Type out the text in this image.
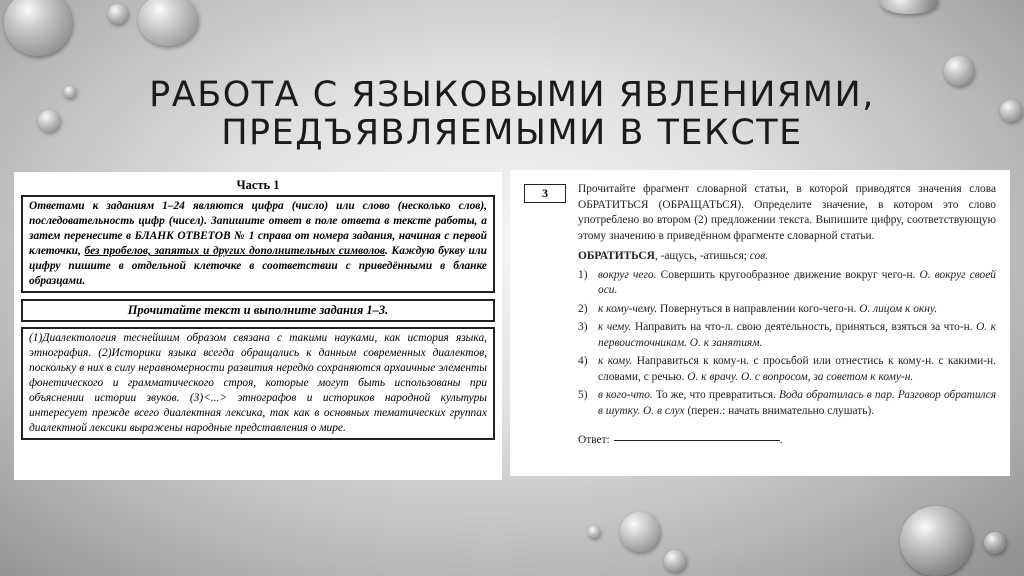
РАБОТА С ЯЗЫКОВЫМИ ЯВЛЕНИЯМИ,
ПРЕДЪЯВЛЯЕМЫМИ В ТЕКСТЕ
Часть 1
Ответами к заданиям 1–24 являются цифра (число) или слово (несколько слов), последовательность цифр (чисел). Запишите ответ в поле ответа в тексте работы, а затем перенесите в БЛАНК ОТВЕТОВ № 1 справа от номера задания, начиная с первой клеточки, без пробелов, запятых и других дополнительных символов. Каждую букву или цифру пишите в отдельной клеточке в соответствии с приведёнными в бланке образцами.
Прочитайте текст и выполните задания 1–3.
(1)Диалектология теснейшим образом связана с такими науками, как история языка, этнография. (2)Историки языка всегда обращались к данным современных диалектов, поскольку в них в силу неравномерности развития нередко сохраняются архаичные элементы фонетического и грамматического строя, которые могут быть использованы при объяснении истории звуков. (3)<...> этнографов и историков народной культуры интересует прежде всего диалектная лексика, так как в основных тематических группах диалектной лексики выражены народные представления о мире.
3	Прочитайте фрагмент словарной статьи, в которой приводятся значения слова ОБРАТИТЬСЯ (ОБРАЩАТЬСЯ). Определите значение, в котором это слово употреблено во втором (2) предложении текста. Выпишите цифру, соответствующую этому значению в приведённом фрагменте словарной статьи.

ОБРАТИТЬСЯ, -ащусь, -атишься; сов.

1) вокруг чего. Совершить кругообразное движение вокруг чего-н. О. вокруг своей оси.
2) к кому-чему. Повернуться в направлении кого-чего-н. О. лицом к окну.
3) к чему. Направить на что-л. свою деятельность, приняться, взяться за что-н. О. к первоисточникам. О. к занятиям.
4) к кому. Направиться к кому-н. с просьбой или отнестись к кому-н. с какими-н. словами, с речью. О. к врачу. О. с вопросом, за советом к кому-н.
5) в кого-что. То же, что превратиться. Вода обратилась в пар. Разговор обратился в шутку. О. в слух (перен.: начать внимательно слушать).

Ответ:	.
